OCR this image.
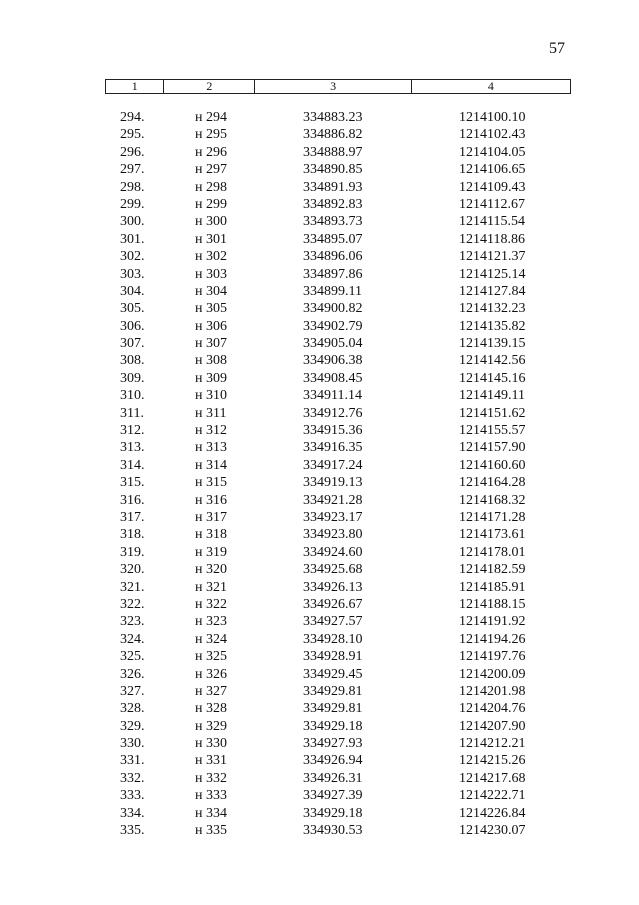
57
1	2	3	4
294.	н 294	334883.23	1214100.10
295.	н 295	334886.82	1214102.43
296.	н 296	334888.97	1214104.05
297.	н 297	334890.85	1214106.65
298.	н 298	334891.93	1214109.43
299.	н 299	334892.83	1214112.67
300.	н 300	334893.73	1214115.54
301.	н 301	334895.07	1214118.86
302.	н 302	334896.06	1214121.37
303.	н 303	334897.86	1214125.14
304.	н 304	334899.11	1214127.84
305.	н 305	334900.82	1214132.23
306.	н 306	334902.79	1214135.82
307.	н 307	334905.04	1214139.15
308.	н 308	334906.38	1214142.56
309.	н 309	334908.45	1214145.16
310.	н 310	334911.14	1214149.11
311.	н 311	334912.76	1214151.62
312.	н 312	334915.36	1214155.57
313.	н 313	334916.35	1214157.90
314.	н 314	334917.24	1214160.60
315.	н 315	334919.13	1214164.28
316.	н 316	334921.28	1214168.32
317.	н 317	334923.17	1214171.28
318.	н 318	334923.80	1214173.61
319.	н 319	334924.60	1214178.01
320.	н 320	334925.68	1214182.59
321.	н 321	334926.13	1214185.91
322.	н 322	334926.67	1214188.15
323.	н 323	334927.57	1214191.92
324.	н 324	334928.10	1214194.26
325.	н 325	334928.91	1214197.76
326.	н 326	334929.45	1214200.09
327.	н 327	334929.81	1214201.98
328.	н 328	334929.81	1214204.76
329.	н 329	334929.18	1214207.90
330.	н 330	334927.93	1214212.21
331.	н 331	334926.94	1214215.26
332.	н 332	334926.31	1214217.68
333.	н 333	334927.39	1214222.71
334.	н 334	334929.18	1214226.84
335.	н 335	334930.53	1214230.07
